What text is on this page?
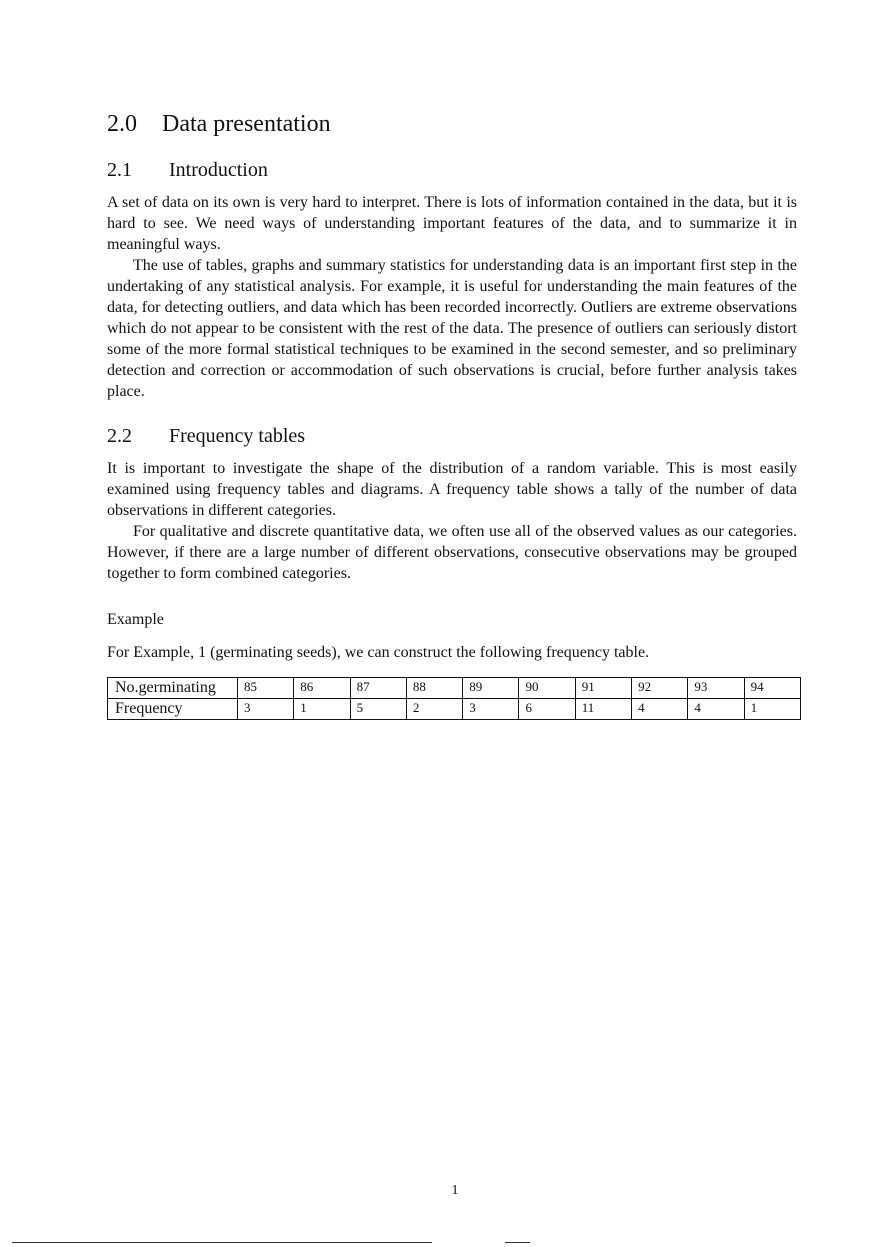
2.0 Data presentation
2.1 Introduction

A set of data on its own is very hard to interpret. There is lots of information contained in the data, but it is hard to see. We need ways of understanding important features of the data, and to summarize it in meaningful ways.

The use of tables, graphs and summary statistics for understanding data is an important first step in the undertaking of any statistical analysis. For example, it is useful for understanding the main features of the data, for detecting outliers, and data which has been recorded incorrectly. Outliers are extreme observations which do not appear to be consistent with the rest of the data. The presence of outliers can seriously distort some of the more formal statistical techniques to be examined in the second semester, and so preliminary detection and correction or accommodation of such observations is crucial, before further analysis takes place.

2.2 Frequency tables

It is important to investigate the shape of the distribution of a random variable. This is most easily examined using frequency tables and diagrams. A frequency table shows a tally of the number of data observations in different categories.

For qualitative and discrete quantitative data, we often use all of the observed values as our categories. However, if there are a large number of different observations, consecutive observations may be grouped together to form combined categories.

Example
For Example, 1 (germinating seeds), we can construct the following frequency table.
No.germinating	85	86	87	88	89	90	91	92	93	94
Frequency	3	1	5	2	3	6	11	4	4	1
1
